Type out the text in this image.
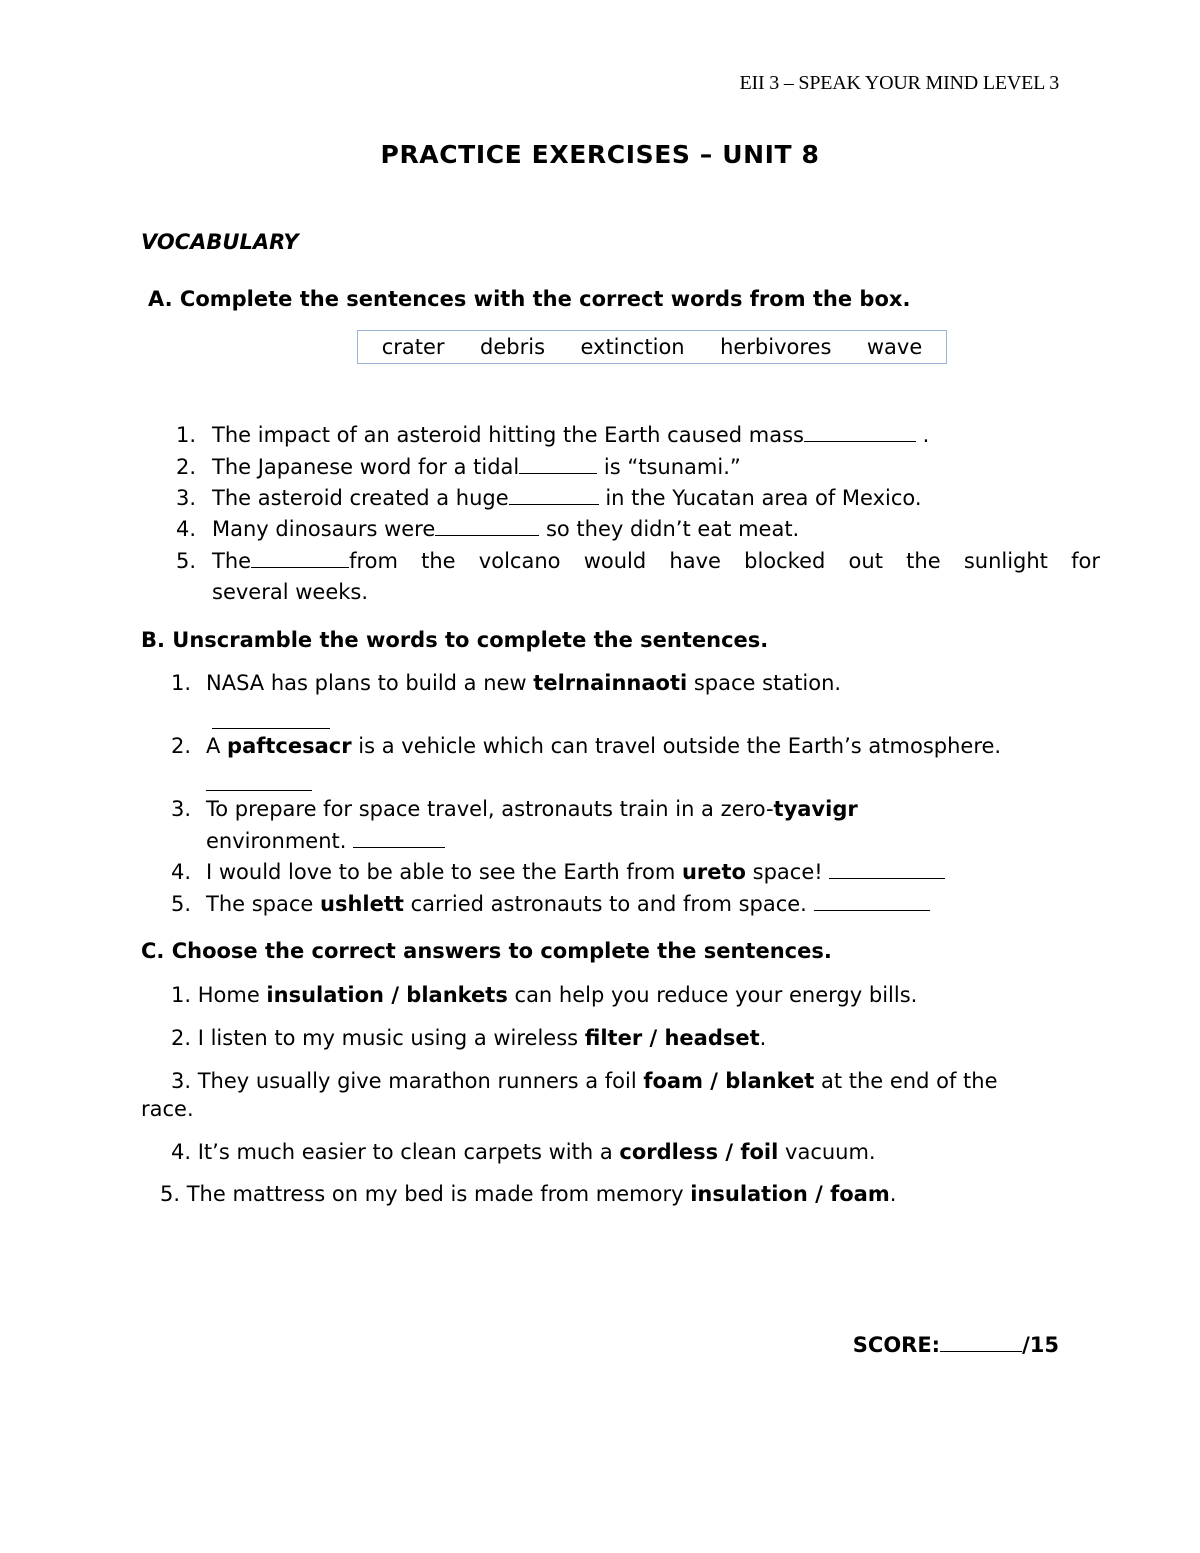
EII 3 – SPEAK YOUR MIND LEVEL 3
PRACTICE EXERCISES – UNIT 8
VOCABULARY
A. Complete the sentences with the correct words from the box.
crater debris extinction herbivores wave
1. The impact of an asteroid hitting the Earth caused mass	.
2. The Japanese word for a tidal	is “tsunami.”
3. The asteroid created a huge	in the Yucatan area of Mexico.
4. Many dinosaurs were	so they didn’t eat meat.
5. The	from the volcano would have blocked out the sunlight for
several weeks.
B. Unscramble the words to complete the sentences.
1. NASA has plans to build a new telrnainnaoti space station.
2. A paftcesacr is a vehicle which can travel outside the Earth’s atmosphere.
3. To prepare for space travel, astronauts train in a zero-tyavigr
environment.
4. I would love to be able to see the Earth from ureto space!
5. The space ushlett carried astronauts to and from space.
C. Choose the correct answers to complete the sentences.
1. Home insulation / blankets can help you reduce your energy bills.
2. I listen to my music using a wireless filter / headset.
3. They usually give marathon runners a foil foam / blanket at the end of the
race.
4. It’s much easier to clean carpets with a cordless / foil vacuum.
5. The mattress on my bed is made from memory insulation / foam.
SCORE:	/15
